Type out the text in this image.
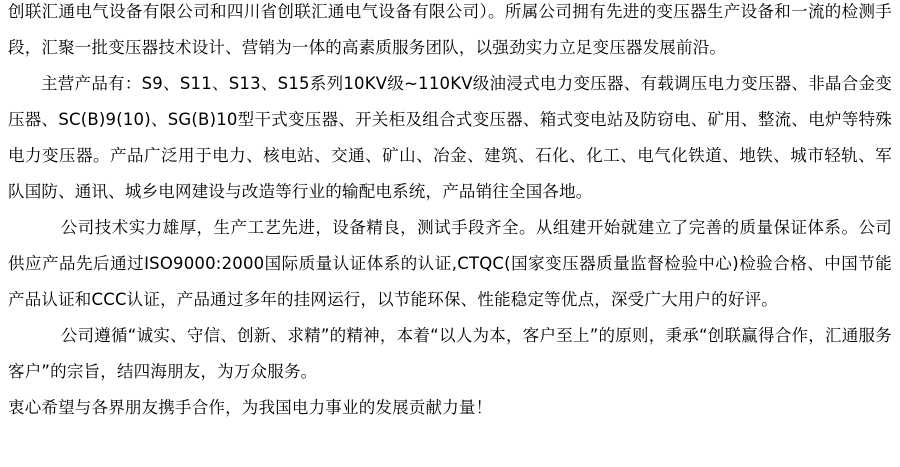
创联汇通电气设备有限公司和四川省创联汇通电气设备有限公司）。所属公司拥有先进的变压器生产设备和一流的检测手段，汇聚一批变压器技术设计、营销为一体的高素质服务团队，以强劲实力立足变压器发展前沿。

主营产品有：S9、S11、S13、S15系列10KV级~110KV级油浸式电力变压器、有载调压电力变压器、非晶合金变压器、SC(B)9(10)、SG(B)10型干式变压器、开关柜及组合式变压器、箱式变电站及防窃电、矿用、整流、电炉等特殊电力变压器。产品广泛用于电力、核电站、交通、矿山、冶金、建筑、石化、化工、电气化铁道、地铁、城市轻轨、军队国防、通讯、城乡电网建设与改造等行业的输配电系统，产品销往全国各地。

公司技术实力雄厚，生产工艺先进，设备精良，测试手段齐全。从组建开始就建立了完善的质量保证体系。公司供应产品先后通过ISO9000:2000国际质量认证体系的认证,CTQC(国家变压器质量监督检验中心)检验合格、中国节能产品认证和CCC认证，产品通过多年的挂网运行，以节能环保、性能稳定等优点，深受广大用户的好评。

公司遵循“诚实、守信、创新、求精”的精神，本着“以人为本，客户至上”的原则，秉承“创联赢得合作，汇通服务客户”的宗旨，结四海朋友，为万众服务。

衷心希望与各界朋友携手合作，为我国电力事业的发展贡献力量！
